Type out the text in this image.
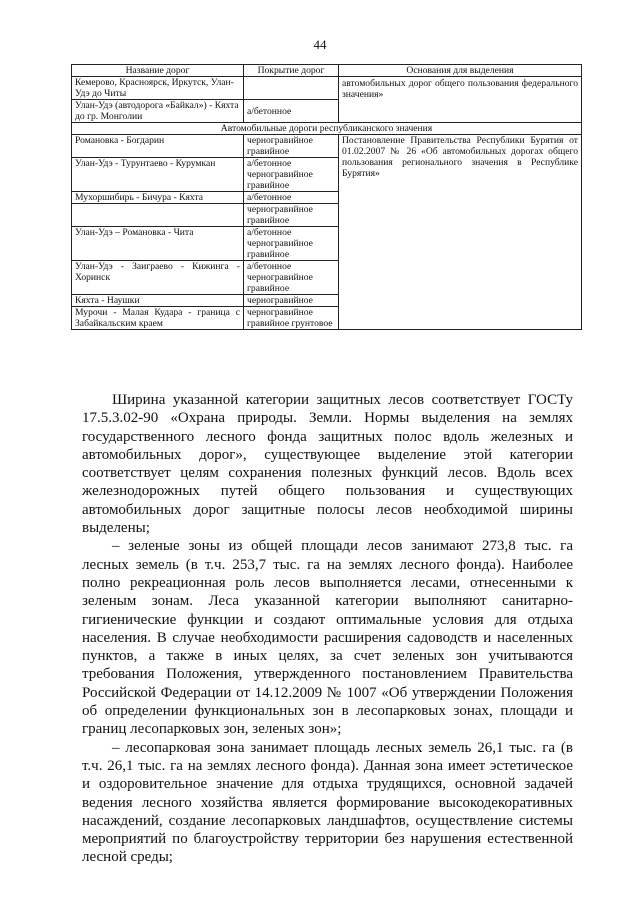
44
Название дорог	Покрытие дорог	Основания для выделения
Кемерово, Красноярск, Иркутск, Улан-Удэ до Читы		автомобильных дорог общего пользования федерального значения»
Улан-Удэ (автодорога «Байкал») - Кяхта до гр. Монголии	а/бетонное	
Автомобильные дороги республиканского значения		
Романовка - Богдарин	черногравийное гравийное	Постановление Правительства Республики Бурятия от 01.02.2007 № 26 «Об автомобильных дорогах общего пользования регионального значения в Республике Бурятия»
Улан-Удэ - Турунтаево - Курумкан	а/бетонное черногравийное гравийное	
Мухоршибирь - Бичура - Кяхта	а/бетонное	
	черногравийное гравийное	
Улан-Удэ – Романовка - Чита	а/бетонное черногравийное гравийное	
Улан-Удэ - Заиграево - Кижинга - Хоринск	а/бетонное черногравийное гравийное	
Кяхта - Наушки	черногравийное	
Мурочи - Малая Кудара - граница с Забайкальским краем	черногравийное гравийное грунтовое	

Ширина указанной категории защитных лесов соответствует ГОСТу 17.5.3.02-90 «Охрана природы. Земли. Нормы выделения на землях государственного лесного фонда защитных полос вдоль железных и автомобильных дорог», существующее выделение этой категории соответствует целям сохранения полезных функций лесов. Вдоль всех железнодорожных путей общего пользования и существующих автомобильных дорог защитные полосы лесов необходимой ширины выделены;

– зеленые зоны из общей площади лесов занимают 273,8 тыс. га лесных земель (в т.ч. 253,7 тыс. га на землях лесного фонда). Наиболее полно рекреационная роль лесов выполняется лесами, отнесенными к зеленым зонам. Леса указанной категории выполняют санитарно-гигиенические функции и создают оптимальные условия для отдыха населения. В случае необходимости расширения садоводств и населенных пунктов, а также в иных целях, за счет зеленых зон учитываются требования Положения, утвержденного постановлением Правительства Российской Федерации от 14.12.2009 № 1007 «Об утверждении Положения об определении функциональных зон в лесопарковых зонах, площади и границ лесопарковых зон, зеленых зон»;

– лесопарковая зона занимает площадь лесных земель 26,1 тыс. га (в т.ч. 26,1 тыс. га на землях лесного фонда). Данная зона имеет эстетическое и оздоровительное значение для отдыха трудящихся, основной задачей ведения лесного хозяйства является формирование высокодекоративных насаждений, создание лесопарковых ландшафтов, осуществление системы мероприятий по благоустройству территории без нарушения естественной лесной среды;
